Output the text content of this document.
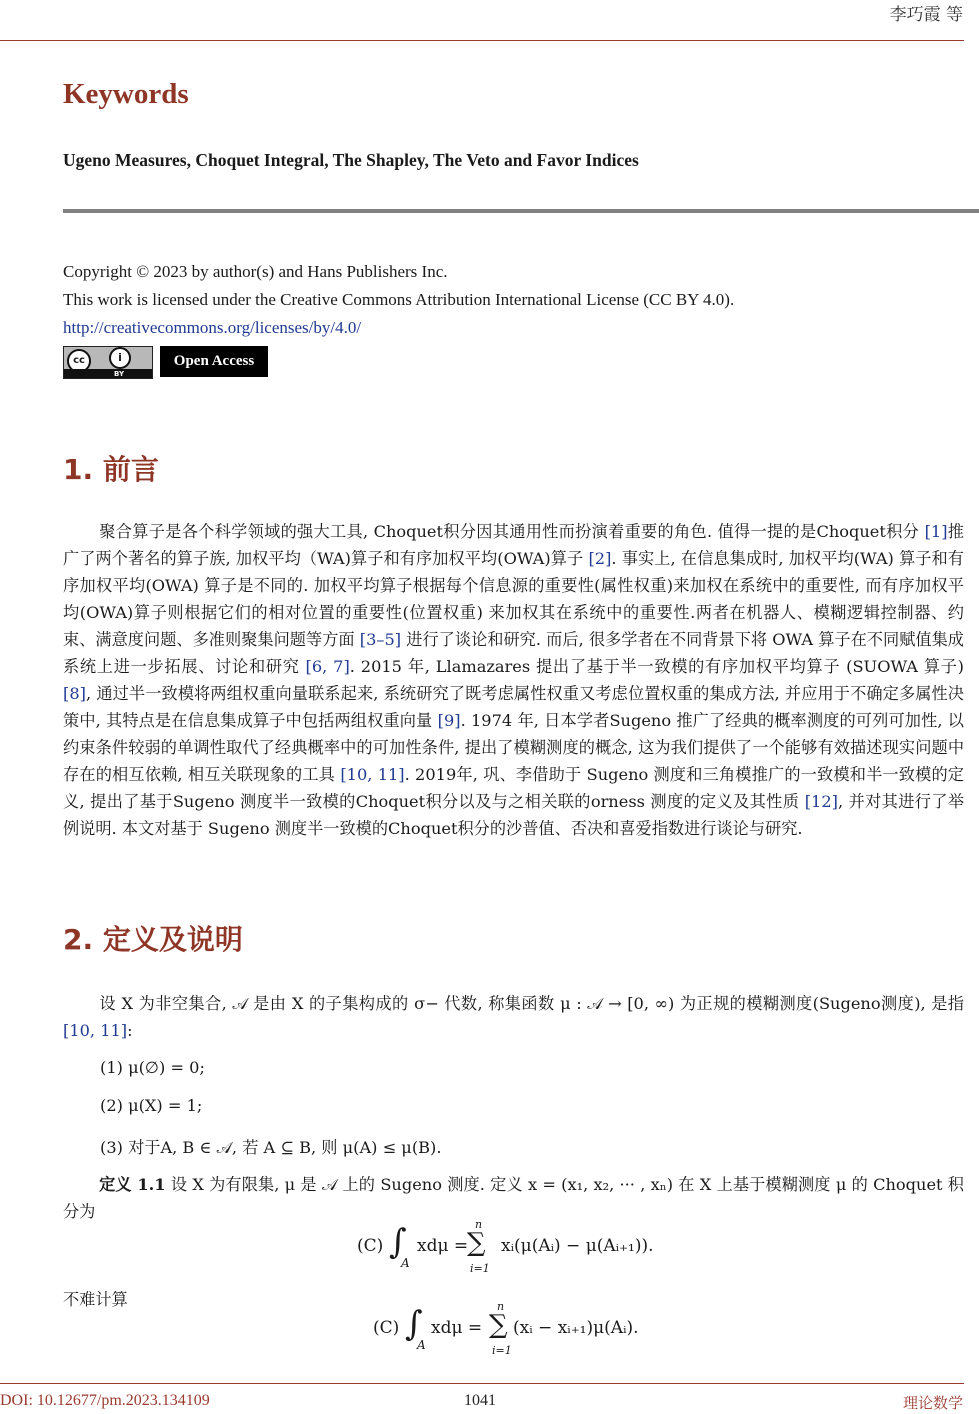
李巧霞 等
Keywords
Ugeno Measures, Choquet Integral, The Shapley, The Veto and Favor Indices
Copyright © 2023 by author(s) and Hans Publishers Inc.
This work is licensed under the Creative Commons Attribution International License (CC BY 4.0).
http://creativecommons.org/licenses/by/4.0/
cc	i
BY
Open Access
1. 前言
聚合算子是各个科学领域的强大工具, Choquet积分因其通用性而扮演着重要的角色. 值得一提的是Choquet积分 [1]推广了两个著名的算子族, 加权平均（WA)算子和有序加权平均(OWA)算子 [2]. 事实上, 在信息集成时, 加权平均(WA) 算子和有序加权平均(OWA) 算子是不同的. 加权平均算子根据每个信息源的重要性(属性权重)来加权在系统中的重要性, 而有序加权平均(OWA)算子则根据它们的相对位置的重要性(位置权重) 来加权其在系统中的重要性.两者在机器人、模糊逻辑控制器、约束、满意度问题、多准则聚集问题等方面 [3–5] 进行了谈论和研究. 而后, 很多学者在不同背景下将 OWA 算子在不同赋值集成系统上进一步拓展、讨论和研究 [6, 7]. 2015 年, Llamazares 提出了基于半一致模的有序加权平均算子 (SUOWA 算子) [8], 通过半一致模将两组权重向量联系起来, 系统研究了既考虑属性权重又考虑位置权重的集成方法, 并应用于不确定多属性决策中, 其特点是在信息集成算子中包括两组权重向量 [9]. 1974 年, 日本学者Sugeno 推广了经典的概率测度的可列可加性, 以约束条件较弱的单调性取代了经典概率中的可加性条件, 提出了模糊测度的概念, 这为我们提供了一个能够有效描述现实问题中存在的相互依赖, 相互关联现象的工具 [10, 11]. 2019年, 巩、李借助于 Sugeno 测度和三角模推广的一致模和半一致模的定义, 提出了基于Sugeno 测度半一致模的Choquet积分以及与之相关联的orness 测度的定义及其性质 [12], 并对其进行了举例说明. 本文对基于 Sugeno 测度半一致模的Choquet积分的沙普值、否决和喜爱指数进行谈论与研究.
2. 定义及说明
设 X 为非空集合, 𝒜 是由 X 的子集构成的 σ− 代数, 称集函数 μ : 𝒜 → [0, ∞) 为正规的模糊测度(Sugeno测度), 是指 [10, 11]:
(1) μ(∅) = 0;
(2) μ(X) = 1;
(3) 对于A, B ∈ 𝒜, 若 A ⊆ B, 则 μ(A) ≤ μ(B).
定义 1.1 设 X 为有限集, μ 是 𝒜 上的 Sugeno 测度. 定义 x = (x₁, x₂, ··· , xₙ) 在 X 上基于模糊测度 μ 的 Choquet 积分为
(C) ∫
A
xdμ =
n
∑
i=1
xᵢ(μ(Aᵢ) − μ(Aᵢ₊₁)).
不难计算
(C) ∫
A
xdμ =
n
∑
i=1
(xᵢ − xᵢ₊₁)μ(Aᵢ).
DOI: 10.12677/pm.2023.134109	1041	理论数学
